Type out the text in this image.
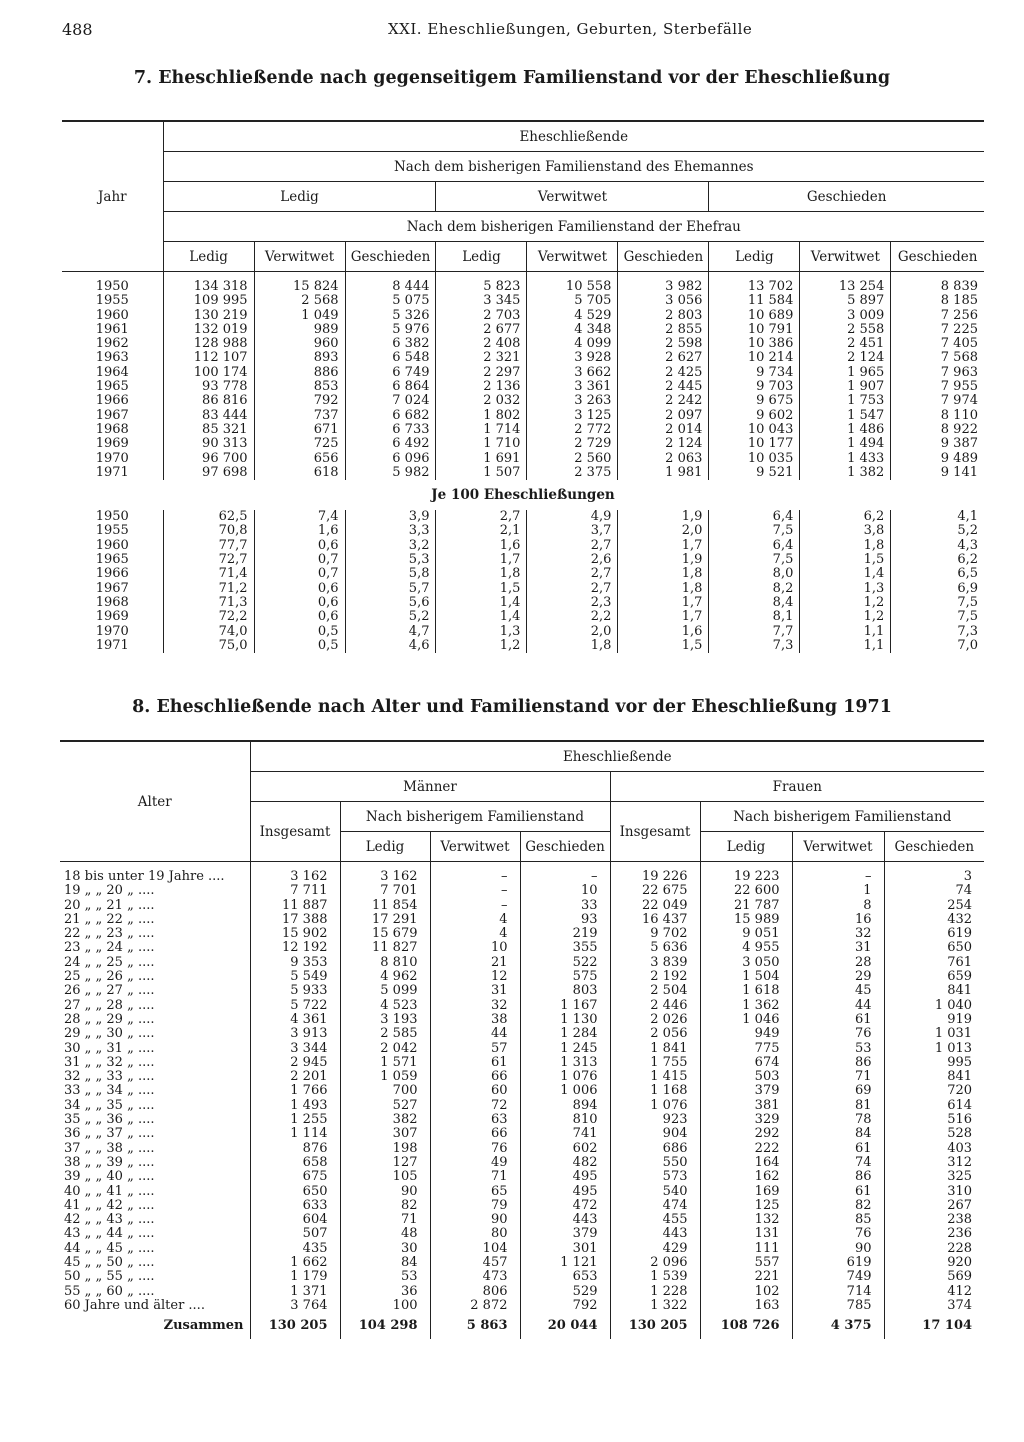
488	XXI. Eheschließungen, Geburten, Sterbefälle
7. Eheschließende nach gegenseitigem Familienstand vor der Eheschließung
Jahr	Eheschließende								
	Nach dem bisherigen Familienstand des Ehemannes								
	Ledig			Verwitwet			Geschieden		
	Nach dem bisherigen Familienstand der Ehefrau								
	Ledig	Verwitwet	Geschieden	Ledig	Verwitwet	Geschieden	Ledig	Verwitwet	Geschieden

1950	134 318	15 824	8 444	5 823	10 558	3 982	13 702	13 254	8 839
1955	109 995	2 568	5 075	3 345	5 705	3 056	11 584	5 897	8 185
1960	130 219	1 049	5 326	2 703	4 529	2 803	10 689	3 009	7 256
1961	132 019	989	5 976	2 677	4 348	2 855	10 791	2 558	7 225
1962	128 988	960	6 382	2 408	4 099	2 598	10 386	2 451	7 405
1963	112 107	893	6 548	2 321	3 928	2 627	10 214	2 124	7 568
1964	100 174	886	6 749	2 297	3 662	2 425	9 734	1 965	7 963
1965	93 778	853	6 864	2 136	3 361	2 445	9 703	1 907	7 955
1966	86 816	792	7 024	2 032	3 263	2 242	9 675	1 753	7 974
1967	83 444	737	6 682	1 802	3 125	2 097	9 602	1 547	8 110
1968	85 321	671	6 733	1 714	2 772	2 014	10 043	1 486	8 922
1969	90 313	725	6 492	1 710	2 729	2 124	10 177	1 494	9 387
1970	96 700	656	6 096	1 691	2 560	2 063	10 035	1 433	9 489
1971	97 698	618	5 982	1 507	2 375	1 981	9 521	1 382	9 141
Je 100 Eheschließungen									
1950	62,5	7,4	3,9	2,7	4,9	1,9	6,4	6,2	4,1
1955	70,8	1,6	3,3	2,1	3,7	2,0	7,5	3,8	5,2
1960	77,7	0,6	3,2	1,6	2,7	1,7	6,4	1,8	4,3
1965	72,7	0,7	5,3	1,7	2,6	1,9	7,5	1,5	6,2
1966	71,4	0,7	5,8	1,8	2,7	1,8	8,0	1,4	6,5
1967	71,2	0,6	5,7	1,5	2,7	1,8	8,2	1,3	6,9
1968	71,3	0,6	5,6	1,4	2,3	1,7	8,4	1,2	7,5
1969	72,2	0,6	5,2	1,4	2,2	1,7	8,1	1,2	7,5
1970	74,0	0,5	4,7	1,3	2,0	1,6	7,7	1,1	7,3
1971	75,0	0,5	4,6	1,2	1,8	1,5	7,3	1,1	7,0
8. Eheschließende nach Alter und Familienstand vor der Eheschließung 1971
Alter	Eheschließende							
	Männer				Frauen			
	Insgesamt	Nach bisherigem Familienstand			Insgesamt	Nach bisherigem Familienstand		
		Ledig	Verwitwet	Geschieden		Ledig	Verwitwet	Geschieden

18 bis unter 19 Jahre ....	3 162	3 162	–	–	19 226	19 223	–	3
19 „ „ 20 „ ....	7 711	7 701	–	10	22 675	22 600	1	74
20 „ „ 21 „ ....	11 887	11 854	–	33	22 049	21 787	8	254
21 „ „ 22 „ ....	17 388	17 291	4	93	16 437	15 989	16	432
22 „ „ 23 „ ....	15 902	15 679	4	219	9 702	9 051	32	619
23 „ „ 24 „ ....	12 192	11 827	10	355	5 636	4 955	31	650
24 „ „ 25 „ ....	9 353	8 810	21	522	3 839	3 050	28	761
25 „ „ 26 „ ....	5 549	4 962	12	575	2 192	1 504	29	659
26 „ „ 27 „ ....	5 933	5 099	31	803	2 504	1 618	45	841
27 „ „ 28 „ ....	5 722	4 523	32	1 167	2 446	1 362	44	1 040
28 „ „ 29 „ ....	4 361	3 193	38	1 130	2 026	1 046	61	919
29 „ „ 30 „ ....	3 913	2 585	44	1 284	2 056	949	76	1 031
30 „ „ 31 „ ....	3 344	2 042	57	1 245	1 841	775	53	1 013
31 „ „ 32 „ ....	2 945	1 571	61	1 313	1 755	674	86	995
32 „ „ 33 „ ....	2 201	1 059	66	1 076	1 415	503	71	841
33 „ „ 34 „ ....	1 766	700	60	1 006	1 168	379	69	720
34 „ „ 35 „ ....	1 493	527	72	894	1 076	381	81	614
35 „ „ 36 „ ....	1 255	382	63	810	923	329	78	516
36 „ „ 37 „ ....	1 114	307	66	741	904	292	84	528
37 „ „ 38 „ ....	876	198	76	602	686	222	61	403
38 „ „ 39 „ ....	658	127	49	482	550	164	74	312
39 „ „ 40 „ ....	675	105	71	495	573	162	86	325
40 „ „ 41 „ ....	650	90	65	495	540	169	61	310
41 „ „ 42 „ ....	633	82	79	472	474	125	82	267
42 „ „ 43 „ ....	604	71	90	443	455	132	85	238
43 „ „ 44 „ ....	507	48	80	379	443	131	76	236
44 „ „ 45 „ ....	435	30	104	301	429	111	90	228
45 „ „ 50 „ ....	1 662	84	457	1 121	2 096	557	619	920
50 „ „ 55 „ ....	1 179	53	473	653	1 539	221	749	569
55 „ „ 60 „ ....	1 371	36	806	529	1 228	102	714	412
60 Jahre und älter ....	3 764	100	2 872	792	1 322	163	785	374
Zusammen	130 205	104 298	5 863	20 044	130 205	108 726	4 375	17 104
